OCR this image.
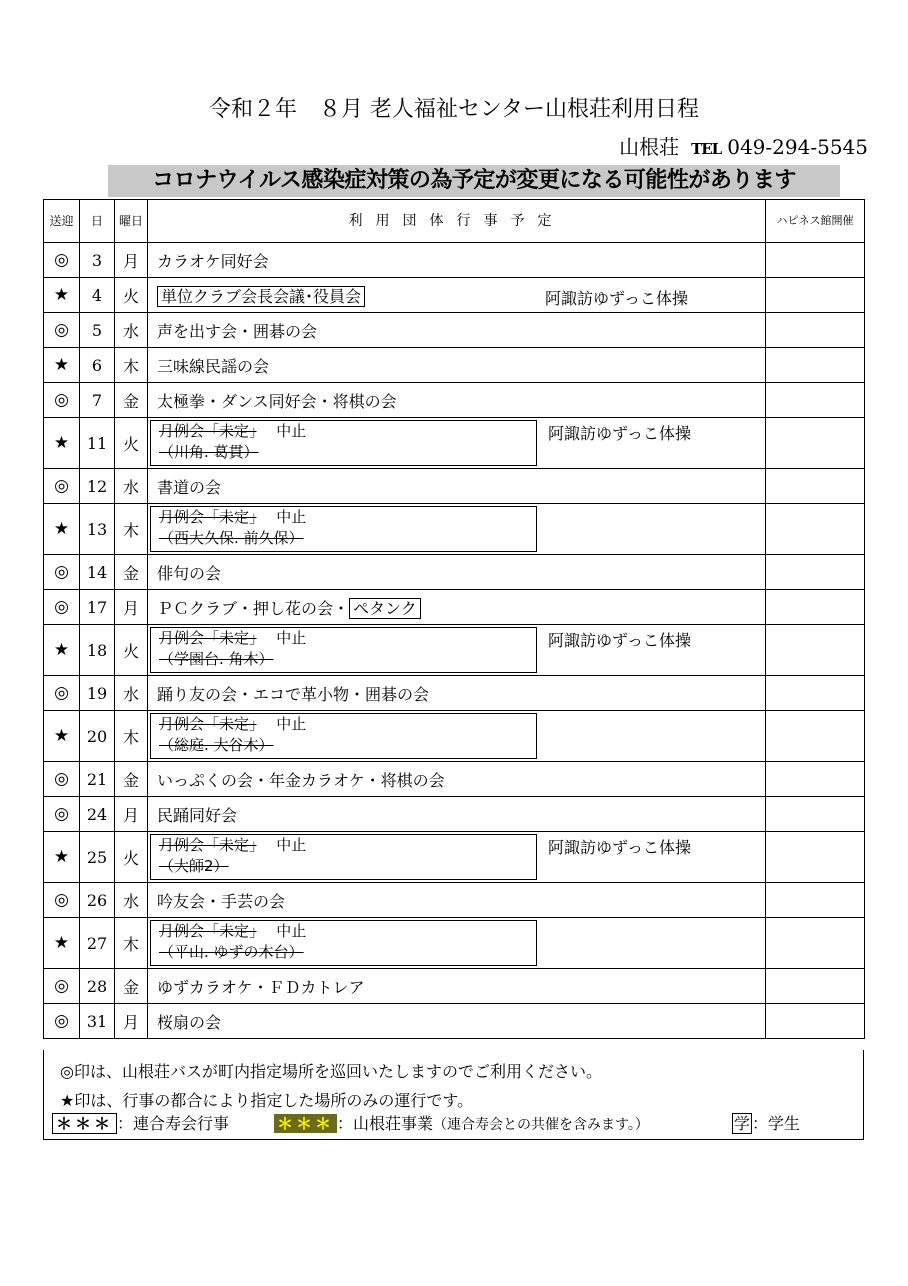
令和２年　８月 老人福祉センター山根荘利用日程
山根荘 TEL 049-294-5545
コロナウイルス感染症対策の為予定が変更になる可能性があります
送迎	日	曜日	利用団体行事予定	ハピネス館開催
◎	3	月	カラオケ同好会	
★	4	火	単位クラブ会長会議･役員会 阿諏訪ゆずっこ体操	

◎	5	水	声を出す会・囲碁の会	
★	6	木	三味線民謡の会	
◎	7	金	太極拳・ダンス同好会・将棋の会	
★	11	火	月例会「未定」　 中止
（川角. 葛貫）
阿諏訪ゆずっこ体操	

◎	12	水	書道の会	
★	13	木	月例会「未定」　 中止
（西大久保. 前久保）	

◎	14	金	俳句の会	
◎	17	月	ＰＣクラブ・押し花の会・ ペタンク	
★	18	火	月例会「未定」　 中止
（学園台. 角木）
阿諏訪ゆずっこ体操	

◎	19	水	踊り友の会・エコで革小物・囲碁の会	
★	20	木	月例会「未定」　 中止
（総庭. 大谷木）	

◎	21	金	いっぷくの会・年金カラオケ・将棋の会	
◎	24	月	民踊同好会	
★	25	火	月例会「未定」　 中止
（大師2）
阿諏訪ゆずっこ体操	

◎	26	水	吟友会・手芸の会	
★	27	木	月例会「未定」　 中止
（平山. ゆずの木台）	

◎	28	金	ゆずカラオケ・ＦＤカトレア	
◎	31	月	桜扇の会	
◎印は、山根荘バスが町内指定場所を巡回いたしますのでご利用ください。
★印は、行事の都合により指定した場所のみの運行です。
＊＊＊ ：連合寿会行事	＊＊＊ ：山根荘事業（連合寿会との共催を含みます。）	学 ：学生
